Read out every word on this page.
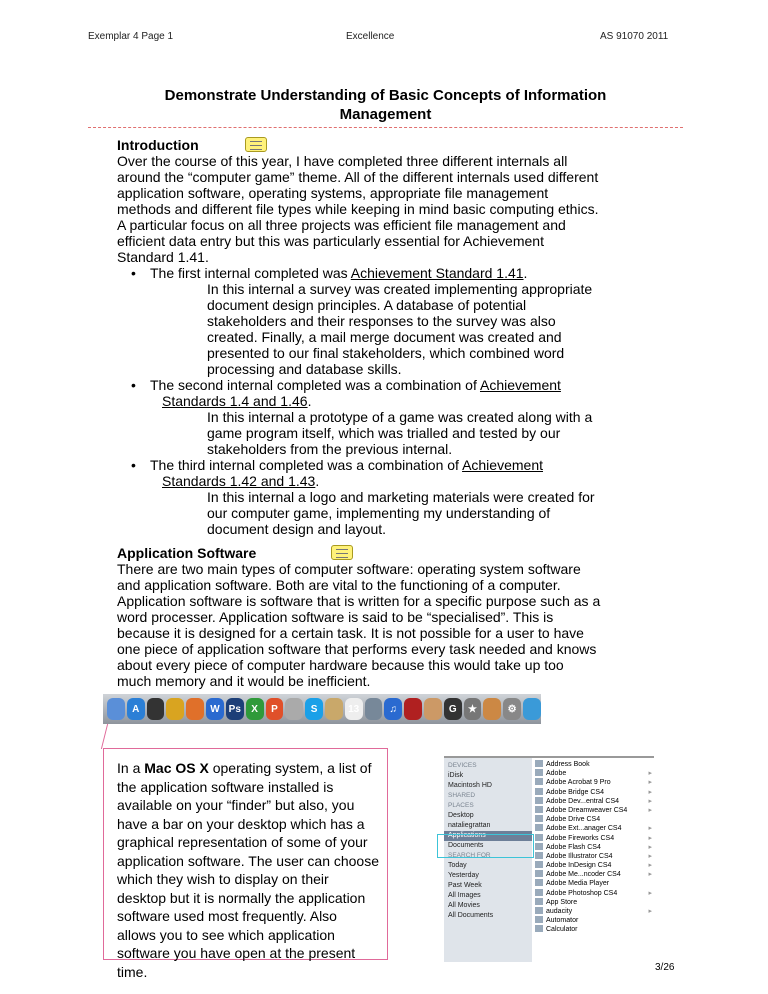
Exemplar 4 Page 1	Excellence	AS 91070 2011
Demonstrate Understanding of Basic Concepts of Information
Management
Introduction
Over the course of this year, I have completed three different internals all
around the “computer game” theme. All of the different internals used different
application software, operating systems, appropriate file management
methods and different file types while keeping in mind basic computing ethics.
A particular focus on all three projects was efficient file management and
efficient data entry but this was particularly essential for Achievement
Standard 1.41.
• The first internal completed was Achievement Standard 1.41.
In this internal a survey was created implementing appropriate
document design principles. A database of potential
stakeholders and their responses to the survey was also
created. Finally, a mail merge document was created and
presented to our final stakeholders, which combined word
processing and database skills.
• The second internal completed was a combination of Achievement
Standards 1.4 and 1.46.
In this internal a prototype of a game was created along with a
game program itself, which was trialled and tested by our
stakeholders from the previous internal.
• The third internal completed was a combination of Achievement
Standards 1.42 and 1.43.
In this internal a logo and marketing materials were created for
our computer game, implementing my understanding of
document design and layout.
Application Software
There are two main types of computer software: operating system software
and application software. Both are vital to the functioning of a computer.
Application software is software that is written for a specific purpose such as a
word processer. Application software is said to be “specialised”. This is
because it is designed for a certain task. It is not possible for a user to have
one piece of application software that performs every task needed and knows
about every piece of computer hardware because this would take up too
much memory and it would be inefficient.
A	W Ps	X	P	S	13	♫	G	★	⚙
In a Mac OS X operating system, a list of the application software installed is available on your “finder” but also, you have a bar on your desktop which has a graphical representation of some of your application software. The user can choose which they wish to display on their desktop but it is normally the application software used most frequently. Also allows you to see which application software you have open at the present time.
DEVICES
iDisk
Macintosh HD
SHARED
PLACES
Desktop
nataliegrattan
Applications
Documents
SEARCH FOR
Today
Yesterday
Past Week
All Images
All Movies
All Documents
Address Book
Adobe ▸
Adobe Acrobat 9 Pro ▸
Adobe Bridge CS4 ▸
Adobe Dev...entral CS4 ▸
Adobe Dreamweaver CS4 ▸
Adobe Drive CS4
Adobe Ext...anager CS4 ▸
Adobe Fireworks CS4 ▸
Adobe Flash CS4 ▸
Adobe Illustrator CS4 ▸
Adobe InDesign CS4 ▸
Adobe Me...ncoder CS4 ▸
Adobe Media Player
Adobe Photoshop CS4 ▸
App Store
audacity ▸
Automator
Calculator
3/26
